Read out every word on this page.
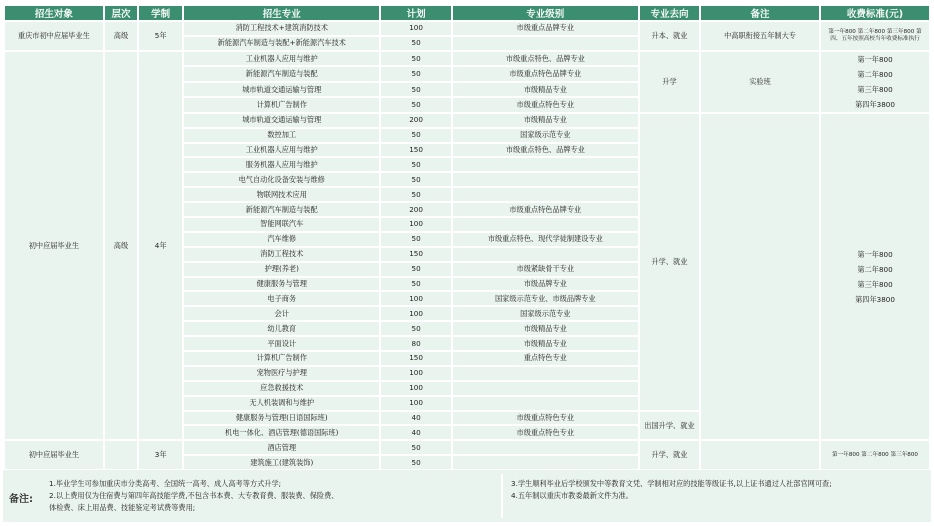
招生对象	层次	学制	招生专业	计划	专业级别	专业去向	备注	收费标准(元)
重庆市初中应届毕业生	高级	5年	消防工程技术+建筑消防技术	100	市级重点品牌专业	升本、就业	中高职衔接五年制大专	第一年800 第二年800 第三年800 第四、五年按照高校当年收费标准执行
			新能源汽车制造与装配+新能源汽车技术	50				
初中应届毕业生	高级	4年	工业机器人应用与维护	50	市级重点特色、品牌专业	升学	实验班	第一年800
第二年800
第三年800
第四年3800

			新能源汽车制造与装配	50	市级重点特色品牌专业			
			城市轨道交通运输与管理	50	市级精品专业			
			计算机广告制作	50	市级重点特色专业			
			城市轨道交通运输与管理	200	市级精品专业	升学、就业		第一年800
第二年800
第三年800
第四年3800

			数控加工	50	国家级示范专业			
			工业机器人应用与维护	150	市级重点特色、品牌专业			
			服务机器人应用与维护	50				
			电气自动化设备安装与维修	50				
			物联网技术应用	50				
			新能源汽车制造与装配	200	市级重点特色品牌专业			
			智能网联汽车	100				
			汽车维修	50	市级重点特色、现代学徒制建设专业			
			消防工程技术	150				
			护理(养老)	50	市级紧缺骨干专业			
			健康服务与管理	50	市级品牌专业			
			电子商务	100	国家级示范专业、市级品牌专业			
			会计	100	国家级示范专业			
			幼儿教育	50	市级精品专业			
			平面设计	80	市级精品专业			
			计算机广告制作	150	重点特色专业			
			宠物医疗与护理	100				
			应急救援技术	100				
			无人机装调和与维护	100				
			健康服务与管理(日语国际班)	40	市级重点特色专业	出国升学、就业		
			机电一体化、酒店管理(德语国际班)	40	市级重点特色专业			
初中应届毕业生		3年	酒店管理	50		升学、就业		第一年800 第二年800 第三年800
			建筑施工(建筑装饰)	50				
备注:
1.毕业学生可参加重庆市分类高考、全国统一高考、成人高考等方式升学;
2.以上费用仅为住宿费与第四年高技能学费,不包含书本费、大专教育费、服装费、保险费、
体检费、床上用品费、技能鉴定考试费等费用;
3.学生顺利毕业后学校颁发中等教育文凭、学制相对应的技能等级证书,以上证书通过人社部官网可查;
4.五年制以重庆市教委最新文件为准。
